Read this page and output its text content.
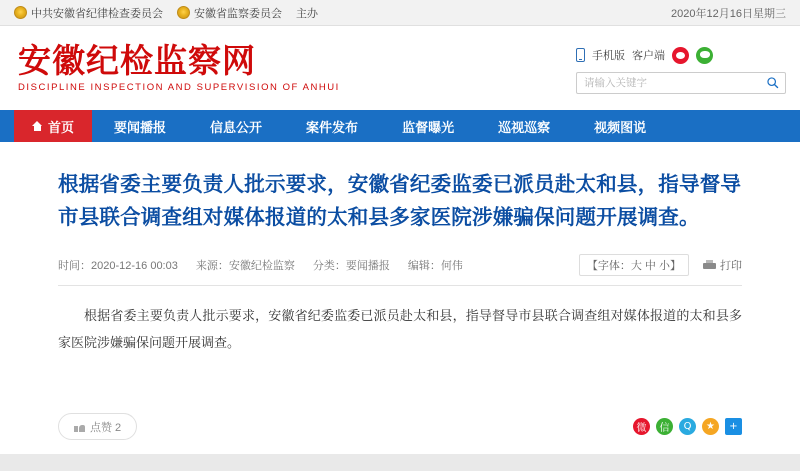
中共安徽省纪律检查委员会	安徽省监察委员会 主办	2020年12月16日星期三
安徽纪检监察网
DISCIPLINE INSPECTION AND SUPERVISION OF ANHUI
手机版 客户端
请输入关键字
首页	要闻播报	信息公开	案件发布	监督曝光	巡视巡察	视频图说
根据省委主要负责人批示要求，安徽省纪委监委已派员赴太和县，指导督导市县联合调查组对媒体报道的太和县多家医院涉嫌骗保问题开展调查。
时间：2020-12-16 00:03 来源：安徽纪检监察 分类：要闻播报 编辑：何伟	【字体：大 中 小】	打印

根据省委主要负责人批示要求，安徽省纪委监委已派员赴太和县，指导督导市县联合调查组对媒体报道的太和县多家医院涉嫌骗保问题开展调查。

点赞 2	微	信	Q	★	+
